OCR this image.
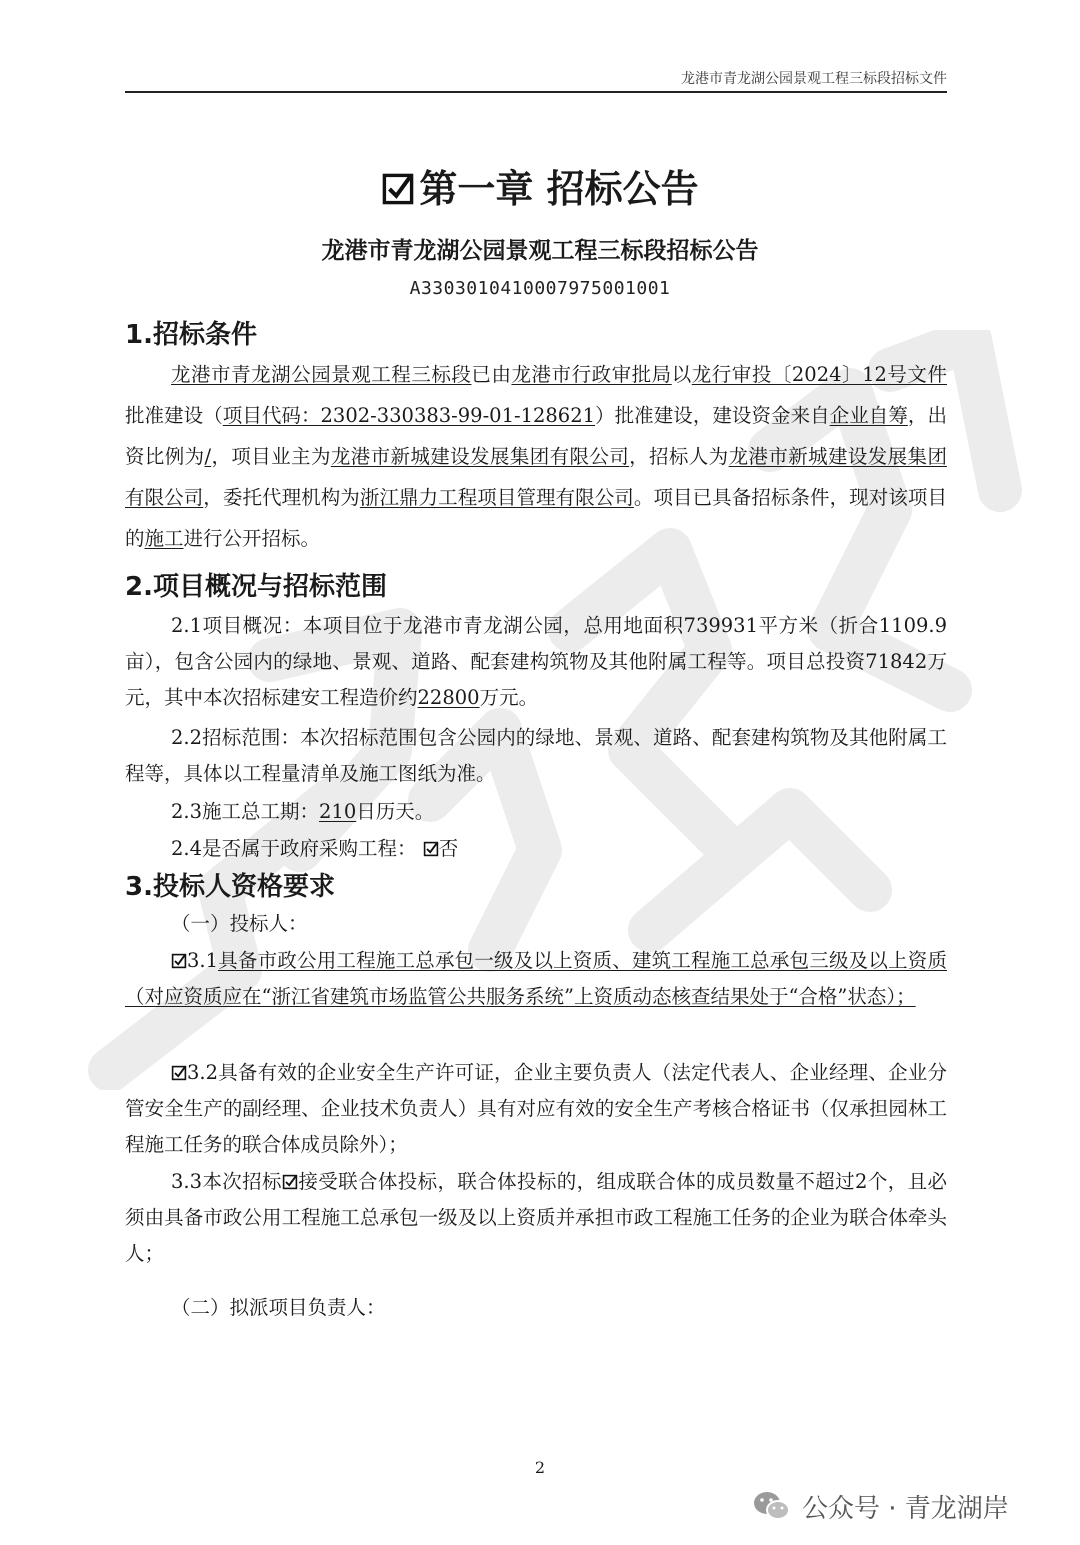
龙港市青龙湖公园景观工程三标段招标文件
第一章 招标公告
龙港市青龙湖公园景观工程三标段招标公告
A3303010410007975001001
1.招标条件
龙港市青龙湖公园景观工程三标段已由龙港市行政审批局以龙行审投〔2024〕12号文件批准建设（项目代码：2302-330383-99-01-128621）批准建设，建设资金来自企业自筹，出资比例为/，项目业主为龙港市新城建设发展集团有限公司，招标人为龙港市新城建设发展集团有限公司，委托代理机构为浙江鼎力工程项目管理有限公司。项目已具备招标条件，现对该项目的施工进行公开招标。
2.项目概况与招标范围
2.1项目概况：本项目位于龙港市青龙湖公园，总用地面积739931平方米（折合1109.9亩），包含公园内的绿地、景观、道路、配套建构筑物及其他附属工程等。项目总投资71842万元，其中本次招标建安工程造价约22800万元。
2.2招标范围：本次招标范围包含公园内的绿地、景观、道路、配套建构筑物及其他附属工程等，具体以工程量清单及施工图纸为准。
2.3施工总工期：210日历天。
2.4是否属于政府采购工程： 否
3.投标人资格要求
（一）投标人：
3.1具备市政公用工程施工总承包一级及以上资质、建筑工程施工总承包三级及以上资质（对应资质应在“浙江省建筑市场监管公共服务系统”上资质动态核查结果处于“合格”状态）；
3.2具备有效的企业安全生产许可证，企业主要负责人（法定代表人、企业经理、企业分管安全生产的副经理、企业技术负责人）具有对应有效的安全生产考核合格证书（仅承担园林工程施工任务的联合体成员除外）；
3.3本次招标 接受联合体投标，联合体投标的，组成联合体的成员数量不超过2个，且必须由具备市政公用工程施工总承包一级及以上资质并承担市政工程施工任务的企业为联合体牵头人；
（二）拟派项目负责人：
2
公众号 · 青龙湖岸
